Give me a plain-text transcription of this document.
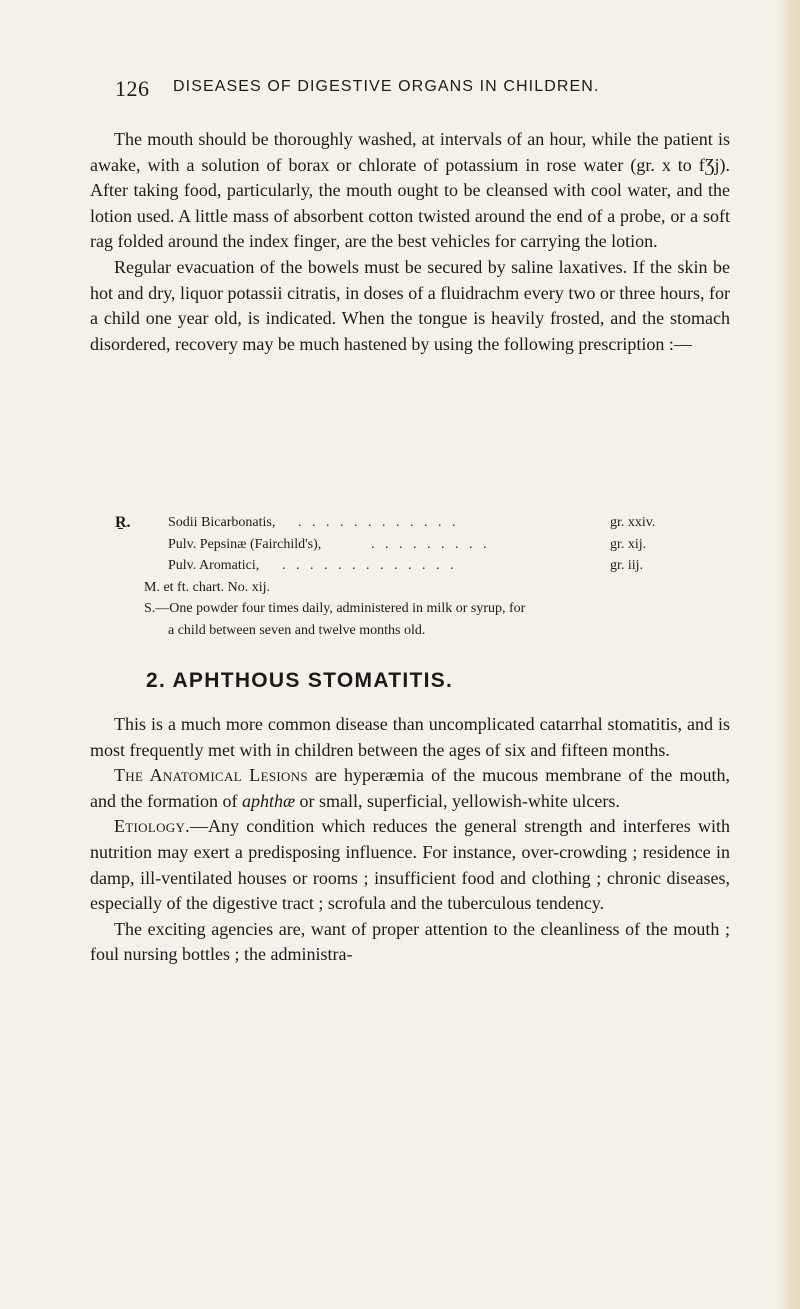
126 DISEASES OF DIGESTIVE ORGANS IN CHILDREN.

The mouth should be thoroughly washed, at intervals of an hour, while the patient is awake, with a solution of borax or chlorate of potassium in rose water (gr. x to fƷj). After taking food, particularly, the mouth ought to be cleansed with cool water, and the lotion used. A little mass of absorbent cotton twisted around the end of a probe, or a soft rag folded around the index finger, are the best vehicles for carrying the lotion.

Regular evacuation of the bowels must be secured by saline laxatives. If the skin be hot and dry, liquor potassii citratis, in doses of a fluidrachm every two or three hours, for a child one year old, is indicated. When the tongue is heavily frosted, and the stomach disordered, recovery may be much hastened by using the following prescription :—

Ṟ.	Sodii Bicarbonatis, . . . . . . . . . . . .	gr. xxiv.
Pulv. Pepsinæ (Fairchild's),	. . . . . . . . .	gr. xij.
Pulv. Aromatici, . . . . . . . . . . . . .	gr. iij.
M. et ft. chart. No. xij.
S.—One powder four times daily, administered in milk or syrup, for
a child between seven and twelve months old.
2. APHTHOUS STOMATITIS.

This is a much more common disease than uncomplicated catarrhal stomatitis, and is most frequently met with in children between the ages of six and fifteen months.

The Anatomical Lesions are hyperæmia of the mucous membrane of the mouth, and the formation of aphthæ or small, superficial, yellowish-white ulcers.

Etiology.—Any condition which reduces the general strength and interferes with nutrition may exert a predisposing influence. For instance, over-crowding ; residence in damp, ill-ventilated houses or rooms ; insufficient food and clothing ; chronic diseases, especially of the digestive tract ; scrofula and the tuberculous tendency.

The exciting agencies are, want of proper attention to the cleanliness of the mouth ; foul nursing bottles ; the administra-
